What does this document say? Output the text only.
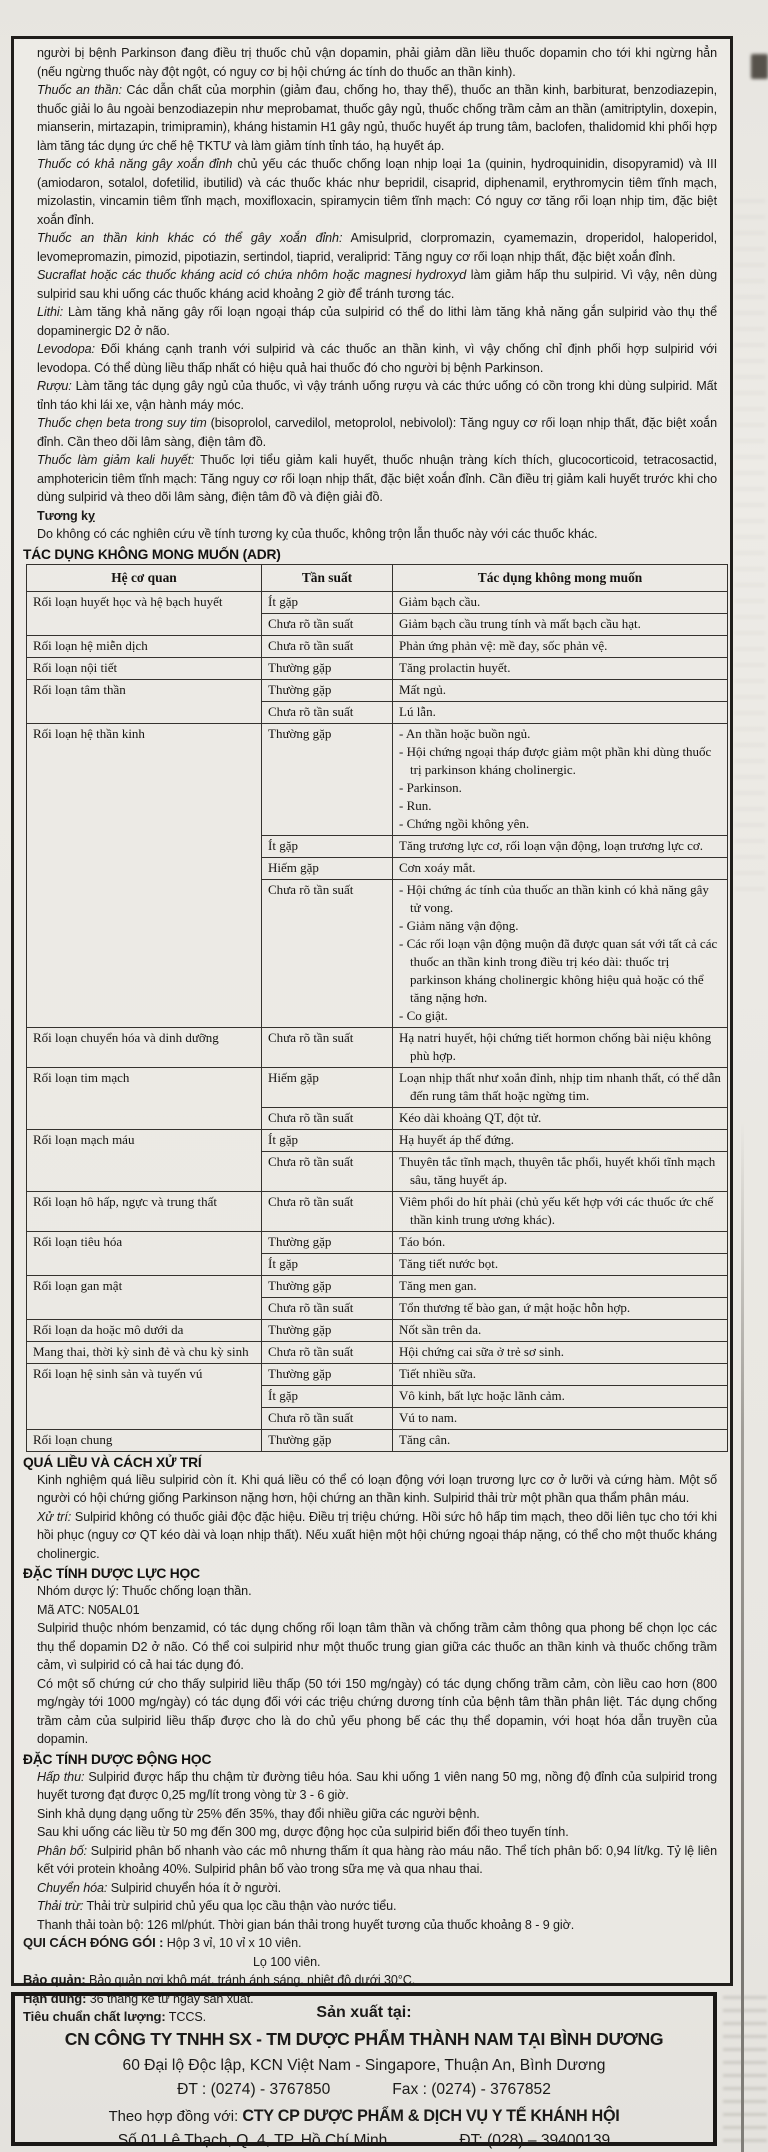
người bị bệnh Parkinson đang điều trị thuốc chủ vận dopamin, phải giảm dần liều thuốc dopamin cho tới khi ngừng hẳn (nếu ngừng thuốc này đột ngột, có nguy cơ bị hội chứng ác tính do thuốc an thần kinh).

Thuốc an thần: Các dẫn chất của morphin (giảm đau, chống ho, thay thế), thuốc an thần kinh, barbiturat, benzodiazepin, thuốc giải lo âu ngoài benzodiazepin như meprobamat, thuốc gây ngủ, thuốc chống trầm cảm an thần (amitriptylin, doxepin, mianserin, mirtazapin, trimipramin), kháng histamin H1 gây ngủ, thuốc huyết áp trung tâm, baclofen, thalidomid khi phối hợp làm tăng tác dụng ức chế hệ TKTƯ và làm giảm tính tỉnh táo, hạ huyết áp.

Thuốc có khả năng gây xoắn đỉnh chủ yếu các thuốc chống loạn nhịp loại 1a (quinin, hydroquinidin, disopyramid) và III (amiodaron, sotalol, dofetilid, ibutilid) và các thuốc khác như bepridil, cisaprid, diphenamil, erythromycin tiêm tĩnh mạch, mizolastin, vincamin tiêm tĩnh mạch, moxifloxacin, spiramycin tiêm tĩnh mạch: Có nguy cơ tăng rối loạn nhịp tim, đặc biệt xoắn đỉnh.

Thuốc an thần kinh khác có thể gây xoắn đỉnh: Amisulprid, clorpromazin, cyamemazin, droperidol, haloperidol, levomepromazin, pimozid, pipotiazin, sertindol, tiaprid, veraliprid: Tăng nguy cơ rối loạn nhịp thất, đặc biệt xoắn đỉnh.

Sucraflat hoặc các thuốc kháng acid có chứa nhôm hoặc magnesi hydroxyd làm giảm hấp thu sulpirid. Vì vậy, nên dùng sulpirid sau khi uống các thuốc kháng acid khoảng 2 giờ để tránh tương tác.

Lithi: Làm tăng khả năng gây rối loạn ngoại tháp của sulpirid có thể do lithi làm tăng khả năng gắn sulpirid vào thụ thể dopaminergic D2 ở não.

Levodopa: Đối kháng cạnh tranh với sulpirid và các thuốc an thần kinh, vì vậy chống chỉ định phối hợp sulpirid với levodopa. Có thể dùng liều thấp nhất có hiệu quả hai thuốc đó cho người bị bệnh Parkinson.

Rượu: Làm tăng tác dụng gây ngủ của thuốc, vì vậy tránh uống rượu và các thức uống có cồn trong khi dùng sulpirid. Mất tỉnh táo khi lái xe, vận hành máy móc.

Thuốc chẹn beta trong suy tim (bisoprolol, carvedilol, metoprolol, nebivolol): Tăng nguy cơ rối loạn nhịp thất, đặc biệt xoắn đỉnh. Cần theo dõi lâm sàng, điện tâm đồ.

Thuốc làm giảm kali huyết: Thuốc lợi tiểu giảm kali huyết, thuốc nhuận tràng kích thích, glucocorticoid, tetracosactid, amphotericin tiêm tĩnh mạch: Tăng nguy cơ rối loạn nhịp thất, đặc biệt xoắn đỉnh. Cần điều trị giảm kali huyết trước khi cho dùng sulpirid và theo dõi lâm sàng, điện tâm đồ và điện giải đồ.

Tương kỵ

Do không có các nghiên cứu về tính tương kỵ của thuốc, không trộn lẫn thuốc này với các thuốc khác.

TÁC DỤNG KHÔNG MONG MUỐN (ADR)
Hệ cơ quan	Tần suất	Tác dụng không mong muốn
Rối loạn huyết học và hệ bạch huyết	Ít gặp	Giảm bạch cầu.

	Chưa rõ tần suất	Giảm bạch cầu trung tính và mất bạch cầu hạt.

Rối loạn hệ miễn dịch	Chưa rõ tần suất	Phản ứng phản vệ: mề đay, sốc phản vệ.

Rối loạn nội tiết	Thường gặp	Tăng prolactin huyết.

Rối loạn tâm thần	Thường gặp	Mất ngủ.

	Chưa rõ tần suất	Lú lẫn.

Rối loạn hệ thần kinh	Thường gặp	- An thần hoặc buồn ngủ.
- Hội chứng ngoại tháp được giảm một phần khi dùng thuốc trị parkinson kháng cholinergic.
- Parkinson.
- Run.
- Chứng ngồi không yên.

	Ít gặp	Tăng trương lực cơ, rối loạn vận động, loạn trương lực cơ.

	Hiếm gặp	Cơn xoáy mắt.

	Chưa rõ tần suất	- Hội chứng ác tính của thuốc an thần kinh có khả năng gây tử vong.
- Giảm năng vận động.
- Các rối loạn vận động muộn đã được quan sát với tất cả các thuốc an thần kinh trong điều trị kéo dài: thuốc trị parkinson kháng cholinergic không hiệu quả hoặc có thể tăng nặng hơn.
- Co giật.

Rối loạn chuyển hóa và dinh dưỡng	Chưa rõ tần suất	Hạ natri huyết, hội chứng tiết hormon chống bài niệu không phù hợp.

Rối loạn tim mạch	Hiếm gặp	Loạn nhịp thất như xoắn đỉnh, nhịp tim nhanh thất, có thể dẫn đến rung tâm thất hoặc ngừng tim.

	Chưa rõ tần suất	Kéo dài khoảng QT, đột tử.

Rối loạn mạch máu	Ít gặp	Hạ huyết áp thế đứng.

	Chưa rõ tần suất	Thuyên tắc tĩnh mạch, thuyên tắc phổi, huyết khối tĩnh mạch sâu, tăng huyết áp.

Rối loạn hô hấp, ngực và trung thất	Chưa rõ tần suất	Viêm phổi do hít phải (chủ yếu kết hợp với các thuốc ức chế thần kinh trung ương khác).

Rối loạn tiêu hóa	Thường gặp	Táo bón.

	Ít gặp	Tăng tiết nước bọt.

Rối loạn gan mật	Thường gặp	Tăng men gan.

	Chưa rõ tần suất	Tổn thương tế bào gan, ứ mật hoặc hỗn hợp.

Rối loạn da hoặc mô dưới da	Thường gặp	Nốt sần trên da.

Mang thai, thời kỳ sinh đẻ và chu kỳ sinh	Chưa rõ tần suất	Hội chứng cai sữa ở trẻ sơ sinh.

Rối loạn hệ sinh sản và tuyến vú	Thường gặp	Tiết nhiều sữa.

	Ít gặp	Vô kinh, bất lực hoặc lãnh cảm.

	Chưa rõ tần suất	Vú to nam.

Rối loạn chung	Thường gặp	Tăng cân.
QUÁ LIỀU VÀ CÁCH XỬ TRÍ

Kinh nghiệm quá liều sulpirid còn ít. Khi quá liều có thể có loạn động với loạn trương lực cơ ở lưỡi và cứng hàm. Một số người có hội chứng giống Parkinson nặng hơn, hội chứng an thần kinh. Sulpirid thải trừ một phần qua thẩm phân máu.

Xử trí: Sulpirid không có thuốc giải độc đặc hiệu. Điều trị triệu chứng. Hồi sức hô hấp tim mạch, theo dõi liên tục cho tới khi hồi phục (nguy cơ QT kéo dài và loạn nhịp thất). Nếu xuất hiện một hội chứng ngoại tháp nặng, có thể cho một thuốc kháng cholinergic.

ĐẶC TÍNH DƯỢC LỰC HỌC

Nhóm dược lý: Thuốc chống loạn thần.

Mã ATC: N05AL01

Sulpirid thuộc nhóm benzamid, có tác dụng chống rối loạn tâm thần và chống trầm cảm thông qua phong bế chọn lọc các thụ thể dopamin D2 ở não. Có thể coi sulpirid như một thuốc trung gian giữa các thuốc an thần kinh và thuốc chống trầm cảm, vì sulpirid có cả hai tác dụng đó.

Có một số chứng cứ cho thấy sulpirid liều thấp (50 tới 150 mg/ngày) có tác dụng chống trầm cảm, còn liều cao hơn (800 mg/ngày tới 1000 mg/ngày) có tác dụng đối với các triệu chứng dương tính của bệnh tâm thần phân liệt. Tác dụng chống trầm cảm của sulpirid liều thấp được cho là do chủ yếu phong bế các thụ thể dopamin, với hoạt hóa dẫn truyền của dopamin.

ĐẶC TÍNH DƯỢC ĐỘNG HỌC

Hấp thu: Sulpirid được hấp thu chậm từ đường tiêu hóa. Sau khi uống 1 viên nang 50 mg, nồng độ đỉnh của sulpirid trong huyết tương đạt được 0,25 mg/lít trong vòng từ 3 - 6 giờ.

Sinh khả dụng dạng uống từ 25% đến 35%, thay đổi nhiều giữa các người bệnh.

Sau khi uống các liều từ 50 mg đến 300 mg, dược động học của sulpirid biến đổi theo tuyến tính.

Phân bố: Sulpirid phân bố nhanh vào các mô nhưng thấm ít qua hàng rào máu não. Thể tích phân bố: 0,94 lít/kg. Tỷ lệ liên kết với protein khoảng 40%. Sulpirid phân bố vào trong sữa mẹ và qua nhau thai.

Chuyển hóa: Sulpirid chuyển hóa ít ở người.

Thải trừ: Thải trừ sulpirid chủ yếu qua lọc cầu thận vào nước tiểu.

Thanh thải toàn bộ: 126 ml/phút. Thời gian bán thải trong huyết tương của thuốc khoảng 8 - 9 giờ.

QUI CÁCH ĐÓNG GÓI : Hộp 3 vỉ, 10 vỉ x 10 viên.

Lọ 100 viên.

Bảo quản: Bảo quản nơi khô mát, tránh ánh sáng, nhiệt độ dưới 30°C.

Hạn dùng: 36 tháng kể từ ngày sản xuất.

Tiêu chuẩn chất lượng: TCCS.	Sản xuất tại:
CN CÔNG TY TNHH SX - TM DƯỢC PHẨM THÀNH NAM TẠI BÌNH DƯƠNG
60 Đại lộ Độc lập, KCN Việt Nam - Singapore, Thuận An, Bình Dương
ĐT : (0274) - 3767850	Fax : (0274) - 3767852
Theo hợp đồng với: CTY CP DƯỢC PHẨM & DỊCH VỤ Y TẾ KHÁNH HỘI
Số 01 Lê Thạch, Q. 4, TP. Hồ Chí Minh	ĐT: (028) – 39400139
